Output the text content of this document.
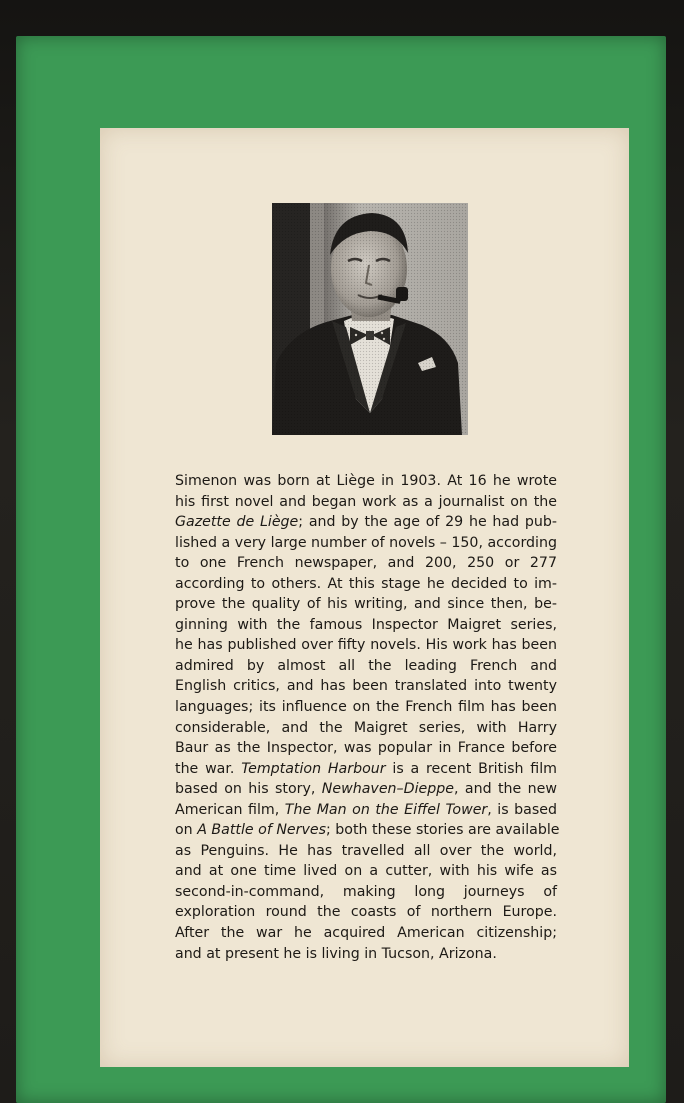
Simenon was born at Liège in 1903. At 16 he wrote
his first novel and began work as a journalist on the
Gazette de Liège; and by the age of 29 he had pub-
lished a very large number of novels – 150, according
to one French newspaper, and 200, 250 or 277
according to others. At this stage he decided to im-
prove the quality of his writing, and since then, be-
ginning with the famous Inspector Maigret series,
he has published over fifty novels. His work has been
admired by almost all the leading French and
English critics, and has been translated into twenty
languages; its influence on the French film has been
considerable, and the Maigret series, with Harry
Baur as the Inspector, was popular in France before
the war. Temptation Harbour is a recent British film
based on his story, Newhaven–Dieppe, and the new
American film, The Man on the Eiffel Tower, is based
on A Battle of Nerves; both these stories are available
as Penguins. He has travelled all over the world,
and at one time lived on a cutter, with his wife as
second-in-command, making long journeys of
exploration round the coasts of northern Europe.
After the war he acquired American citizenship;
and at present he is living in Tucson, Arizona.
